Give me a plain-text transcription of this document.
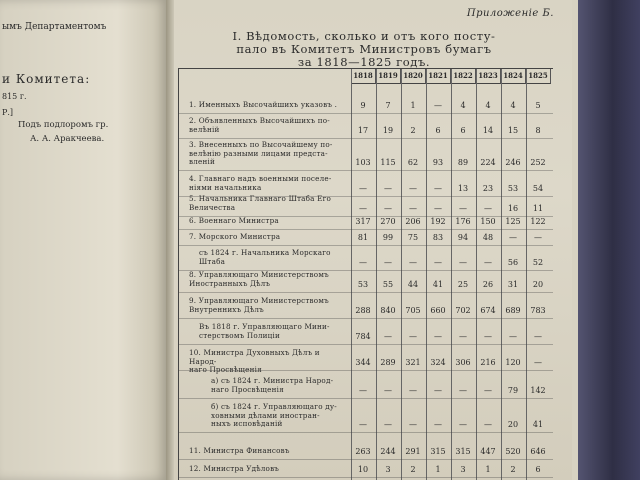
ымъ Департаментомъ
и Комитета:
815 г.
Р.]
Подъ подлоромъ гр.
А. А. Аракчеева.
Приложеніе Б.
I. Вѣдомость, сколько и отъ кого посту-
пало въ Комитетъ Министровъ бумагъ
за 1818—1825 годъ.
1818 1819 1820 1821 1822 1823 1824 1825
1. Именныхъ Высочайшихъ указовъ .	9	7	1	—	4	4	4	5
2. Объявленныхъ Высочайшихъ по-
велѣній	17	19	2	6	6	14	15	8
3. Внесенныхъ по Высочайшему по-
велѣнію разными лицами предста-
вленій	103	115	62	93	89	224	246	252
4. Главнаго надъ военными поселе-
ніями начальника	—	—	—	—	13	23	53	54
5. Начальника Главнаго Штаба Его
Величества	—	—	—	—	—	—	16	11
6. Военнаго Министра	317	270	206	192	176	150	125	122
7. Морского Министра	81	99	75	83	94	48	—	—
съ 1824 г. Начальника Морскаго
Штаба	—	—	—	—	—	—	56	52
8. Управляющаго Министерствомъ
Иностранныхъ Дѣлъ	53	55	44	41	25	26	31	20
9. Управляющаго Министерствомъ
Внутреннихъ Дѣлъ	288	840	705	660	702	674	689	783
Въ 1818 г. Управляющаго Мини-
стерствомъ Полиціи	784	—	—	—	—	—	—	—
10. Министра Духовныхъ Дѣлъ и Народ-
наго Просвѣщенія
344	289	321	324	306	216	120	—
а) съ 1824 г. Министра Народ-
наго Просвѣщенія	—	—	—	—	—	—	79	142
б) съ 1824 г. Управляющаго ду-
ховными дѣлами иностран-
ныхъ исповѣданій	—	—	—	—	—	—	20	41
11. Министра Финансовъ	263	244	291	315	315	447	520	646
12. Министра Удѣловъ	10	3	2	1	3	1	2	6
